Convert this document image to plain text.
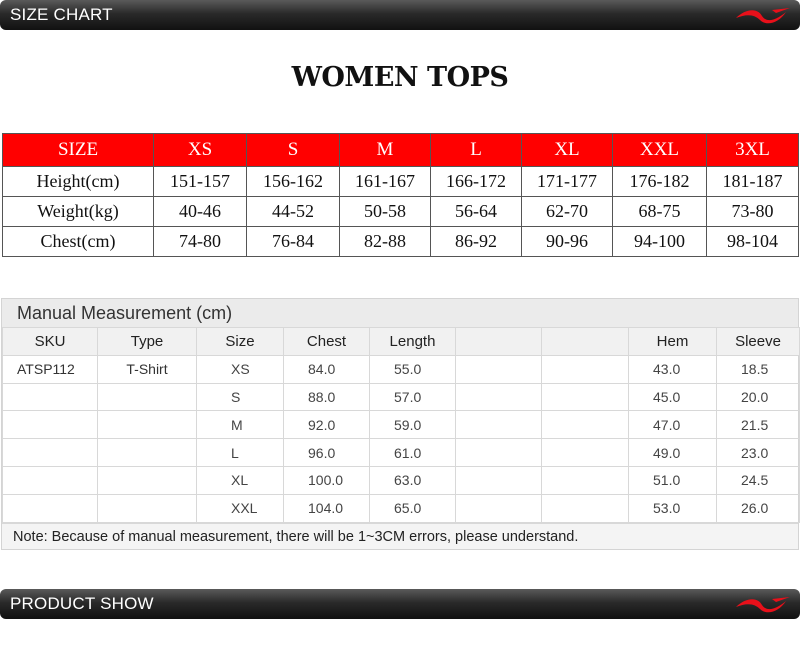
SIZE CHART
WOMEN TOPS
SIZE	XS	S	M	L	XL	XXL	3XL
Height(cm)	151-157	156-162	161-167	166-172	171-177	176-182	181-187
Weight(kg)	40-46	44-52	50-58	56-64	62-70	68-75	73-80
Chest(cm)	74-80	76-84	82-88	86-92	90-96	94-100	98-104
Manual Measurement (cm)
SKU	Type	Size	Chest	Length			Hem	Sleeve
ATSP112	T-Shirt	XS	84.0	55.0			43.0	18.5
		S	88.0	57.0			45.0	20.0
		M	92.0	59.0			47.0	21.5
		L	96.0	61.0			49.0	23.0
		XL	100.0	63.0			51.0	24.5
		XXL	104.0	65.0			53.0	26.0
Note: Because of manual measurement, there will be 1~3CM errors, please understand.
PRODUCT SHOW
